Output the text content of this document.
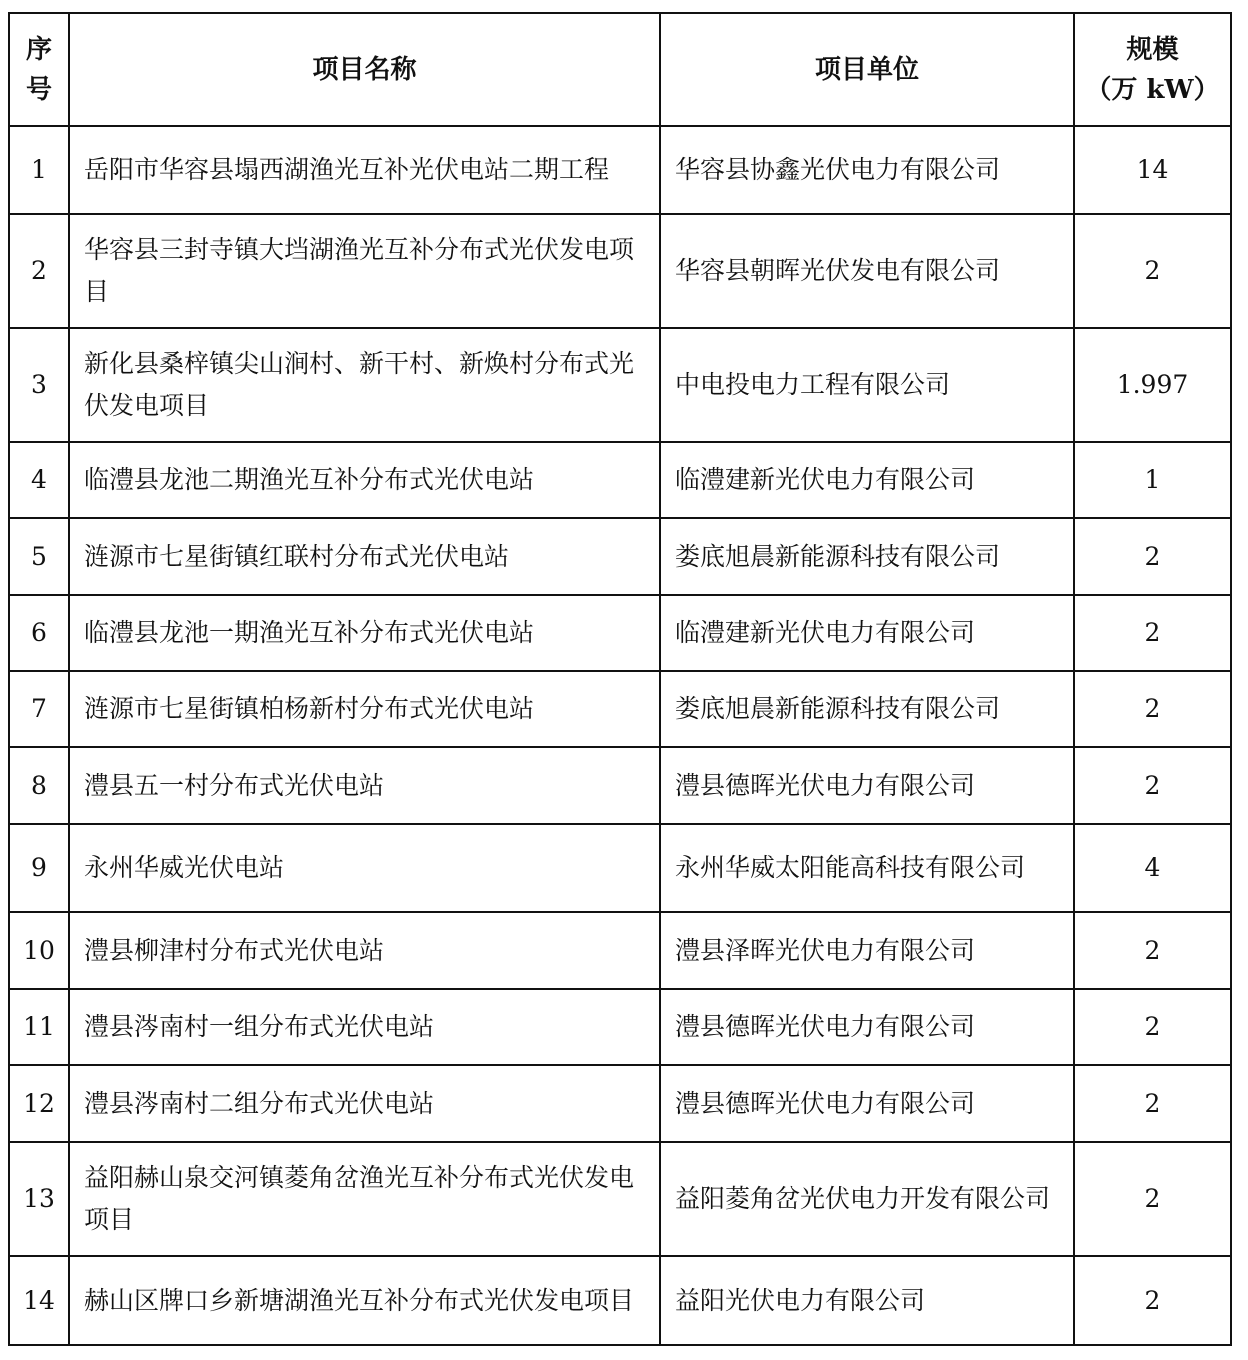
序号	项目名称	项目单位	规模
（万 kW）

1	岳阳市华容县塌西湖渔光互补光伏电站二期工程	华容县协鑫光伏电力有限公司	14
2	华容县三封寺镇大垱湖渔光互补分布式光伏发电项目	华容县朝晖光伏发电有限公司	2
3	新化县桑梓镇尖山涧村、新干村、新焕村分布式光伏发电项目	中电投电力工程有限公司	1.997
4	临澧县龙池二期渔光互补分布式光伏电站	临澧建新光伏电力有限公司	1
5	涟源市七星街镇红联村分布式光伏电站	娄底旭晨新能源科技有限公司	2
6	临澧县龙池一期渔光互补分布式光伏电站	临澧建新光伏电力有限公司	2
7	涟源市七星街镇柏杨新村分布式光伏电站	娄底旭晨新能源科技有限公司	2
8	澧县五一村分布式光伏电站	澧县德晖光伏电力有限公司	2
9	永州华威光伏电站	永州华威太阳能高科技有限公司	4
10	澧县柳津村分布式光伏电站	澧县泽晖光伏电力有限公司	2
11	澧县涔南村一组分布式光伏电站	澧县德晖光伏电力有限公司	2
12	澧县涔南村二组分布式光伏电站	澧县德晖光伏电力有限公司	2
13	益阳赫山泉交河镇菱角岔渔光互补分布式光伏发电项目	益阳菱角岔光伏电力开发有限公司	2
14	赫山区牌口乡新塘湖渔光互补分布式光伏发电项目	益阳光伏电力有限公司	2
